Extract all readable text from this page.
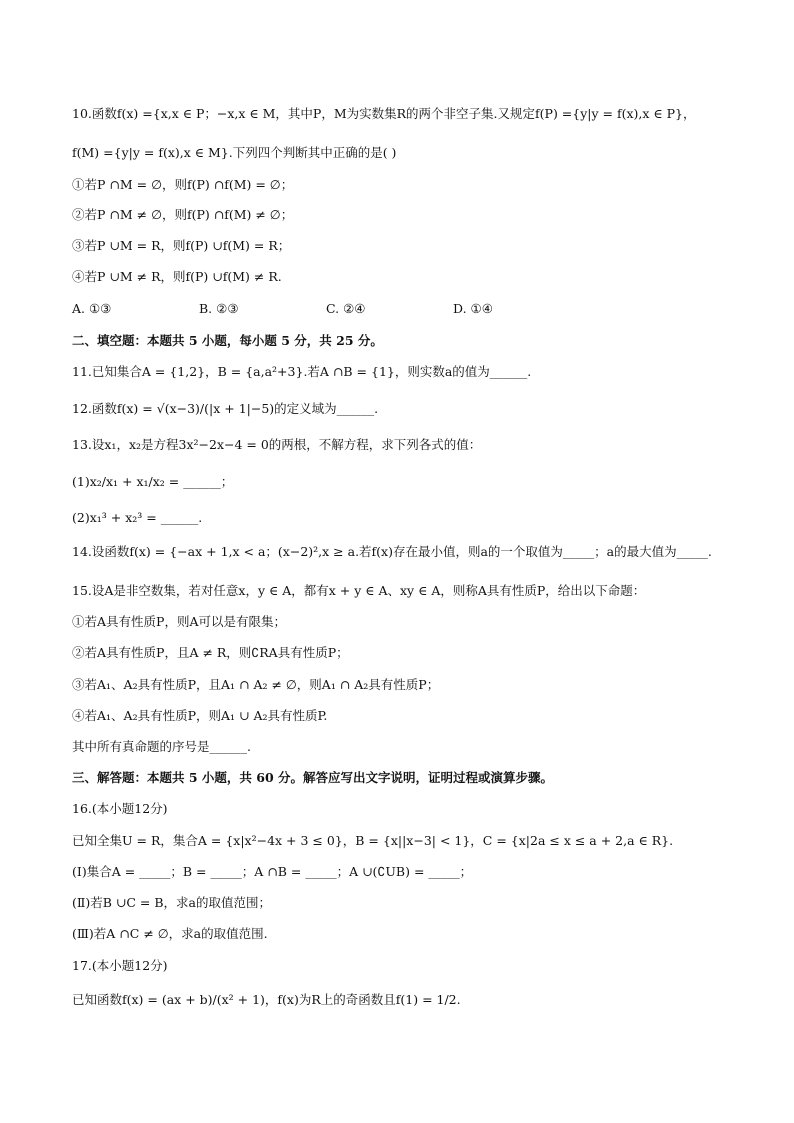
10.函数f(x) ={x,x ∈ P；−x,x ∈ M，其中P，M为实数集R的两个非空子集.又规定f(P) ={y|y = f(x),x ∈ P}，
f(M) ={y|y = f(x),x ∈ M}.下列四个判断其中正确的是( )
①若P ∩M = ∅，则f(P) ∩f(M) = ∅；
②若P ∩M ≠ ∅，则f(P) ∩f(M) ≠ ∅；
③若P ∪M = R，则f(P) ∪f(M) = R；
④若P ∪M ≠ R，则f(P) ∪f(M) ≠ R.
A. ①③	B. ②③	C. ②④	D. ①④
二、填空题：本题共 5 小题，每小题 5 分，共 25 分。
11.已知集合A = {1,2}，B = {a,a²+3}.若A ∩B = {1}，则实数a的值为______.
12.函数f(x) = √(x−3)/(|x + 1|−5)的定义域为______.
13.设x₁，x₂是方程3x²−2x−4 = 0的两根，不解方程，求下列各式的值：
(1)x₂/x₁ + x₁/x₂ = ______；
(2)x₁³ + x₂³ = ______.
14.设函数f(x) = {−ax + 1,x < a；(x−2)²,x ≥ a.若f(x)存在最小值，则a的一个取值为_____；a的最大值为_____.
15.设A是非空数集，若对任意x，y ∈ A，都有x + y ∈ A、xy ∈ A，则称A具有性质P，给出以下命题：
①若A具有性质P，则A可以是有限集；
②若A具有性质P，且A ≠ R，则∁RA具有性质P；
③若A₁、A₂具有性质P，且A₁ ∩ A₂ ≠ ∅，则A₁ ∩ A₂具有性质P；
④若A₁、A₂具有性质P，则A₁ ∪ A₂具有性质P.
其中所有真命题的序号是______.
三、解答题：本题共 5 小题，共 60 分。解答应写出文字说明，证明过程或演算步骤。
16.(本小题12分)
已知全集U = R，集合A = {x|x²−4x + 3 ≤ 0}，B = {x||x−3| < 1}，C = {x|2a ≤ x ≤ a + 2,a ∈ R}.
(Ⅰ)集合A = _____；B = _____；A ∩B = _____；A ∪(∁UB) = _____；
(Ⅱ)若B ∪C = B，求a的取值范围；
(Ⅲ)若A ∩C ≠ ∅，求a的取值范围.
17.(本小题12分)
已知函数f(x) = (ax + b)/(x² + 1)，f(x)为R上的奇函数且f(1) = 1/2.
